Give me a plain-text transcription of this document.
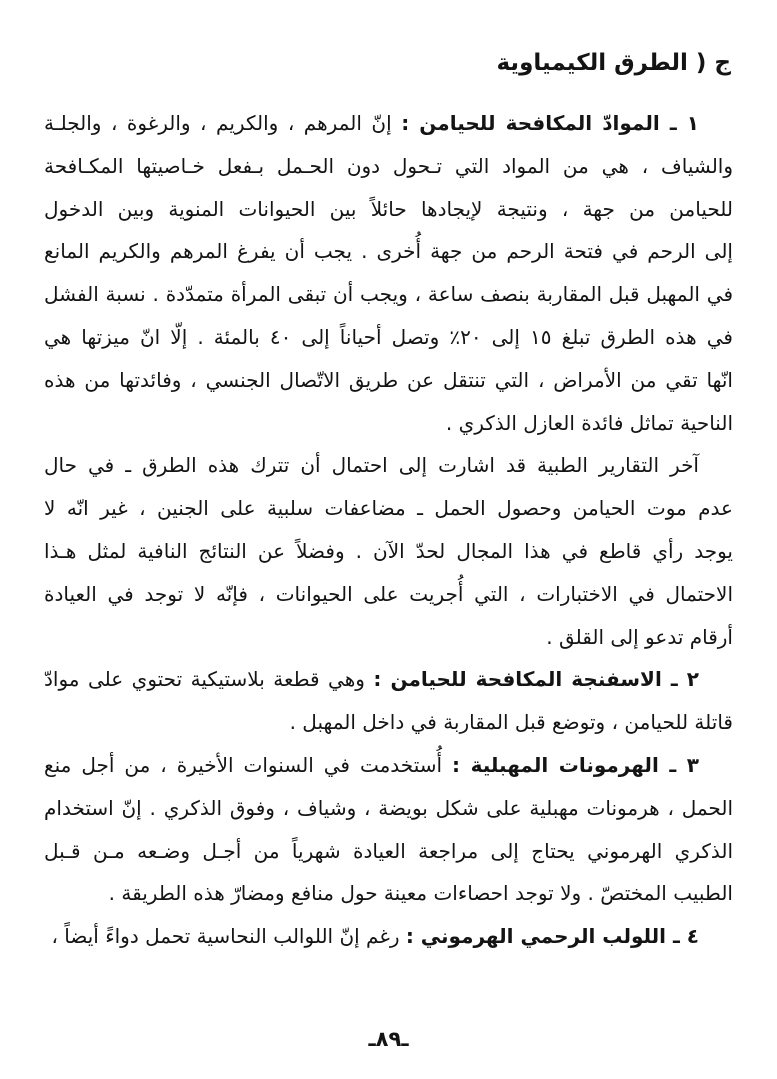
ج ( الطرق الكيمياوية
١ ـ الموادّ المكافحة للحيامن : إنّ المرهم ، والكريم ، والرغوة ، والجلـة
والشياف ، هي من المواد التي تـحول دون الحـمل بـفعل خـاصيتها المكـافحة
للحيامن من جهة ، ونتيجة لإيجادها حائلاً بين الحيوانات المنوية وبين الدخول
إلى الرحم في فتحة الرحم من جهة أُخرى . يجب أن يفرغ المرهم والكريم المانع
في المهبل قبل المقاربة بنصف ساعة ، ويجب أن تبقى المرأة متمدّدة . نسبة الفشل
في هذه الطرق تبلغ ١٥ إلى ٢٠٪ وتصل أحياناً إلى ٤٠ بالمئة . إلّا انّ ميزتها هي
انّها تقي من الأمراض ، التي تنتقل عن طريق الاتّصال الجنسي ، وفائدتها من هذه
الناحية تماثل فائدة العازل الذكري .
آخر التقارير الطبية قد اشارت إلى احتمال أن تترك هذه الطرق ـ في حال
عدم موت الحيامن وحصول الحمل ـ مضاعفات سلبية على الجنين ، غير انّه لا
يوجد رأي قاطع في هذا المجال لحدّ الآن . وفضلاً عن النتائج النافية لمثل هـذا
الاحتمال في الاختبارات ، التي أُجريت على الحيوانات ، فإنّه لا توجد في العيادة
أرقام تدعو إلى القلق .
٢ ـ الاسفنجة المكافحة للحيامن : وهي قطعة بلاستيكية تحتوي على موادّ
قاتلة للحيامن ، وتوضع قبل المقاربة في داخل المهبل .
٣ ـ الهرمونات المهبلية : أُستخدمت في السنوات الأخيرة ، من أجل منع
الحمل ، هرمونات مهبلية على شكل بويضة ، وشياف ، وفوق الذكري . إنّ استخدام
الذكري الهرموني يحتاج إلى مراجعة العيادة شهرياً من أجـل وضـعه مـن قـبل
الطبيب المختصّ . ولا توجد احصاءات معينة حول منافع ومضارّ هذه الطريقة .
٤ ـ اللولب الرحمي الهرموني : رغم إنّ اللوالب النحاسية تحمل دواءً أيضاً ،
ـ٨٩ـ
